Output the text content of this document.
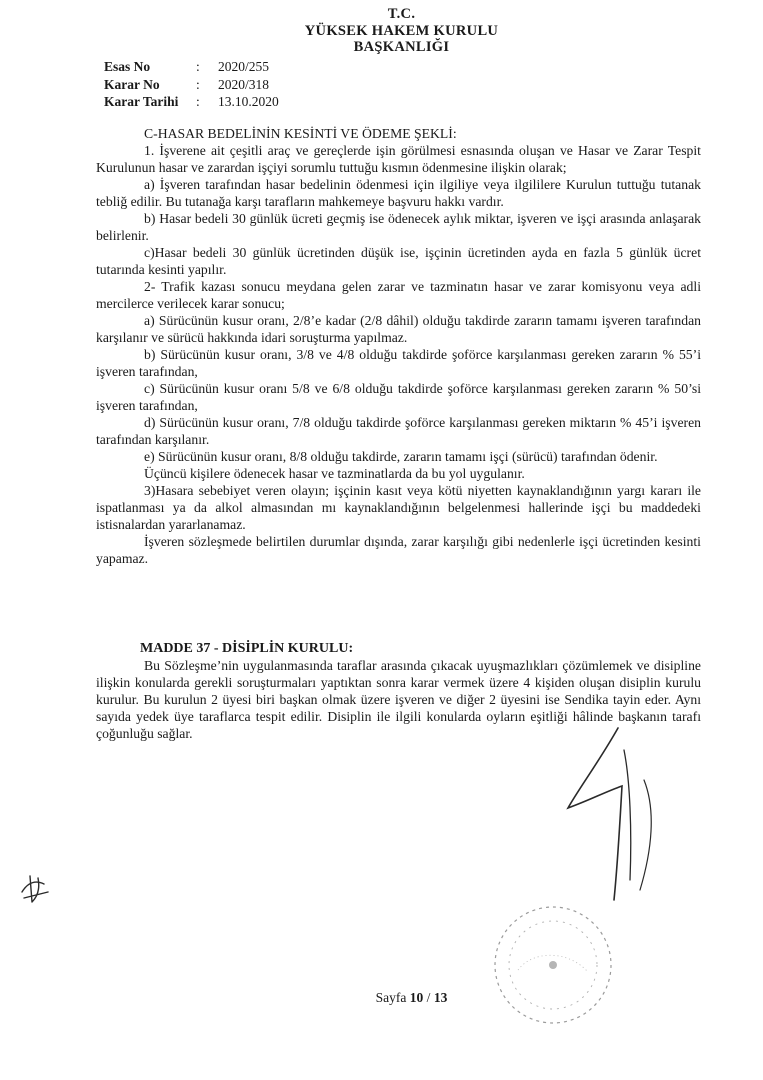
T.C.
YÜKSEK HAKEM KURULU
BAŞKANLIĞI
Esas No	:	2020/255
Karar No	:	2020/318
Karar Tarihi	:	13.10.2020

C-HASAR BEDELİNİN KESİNTİ VE ÖDEME ŞEKLİ:

1. İşverene ait çeşitli araç ve gereçlerde işin görülmesi esnasında oluşan ve Hasar ve Zarar Tespit Kurulunun hasar ve zarardan işçiyi sorumlu tuttuğu kısmın ödenmesine ilişkin olarak;

a) İşveren tarafından hasar bedelinin ödenmesi için ilgiliye veya ilgililere Kurulun tuttuğu tutanak tebliğ edilir. Bu tutanağa karşı tarafların mahkemeye başvuru hakkı vardır.

b) Hasar bedeli 30 günlük ücreti geçmiş ise ödenecek aylık miktar, işveren ve işçi arasında anlaşarak belirlenir.

c)Hasar bedeli 30 günlük ücretinden düşük ise, işçinin ücretinden ayda en fazla 5 günlük ücret tutarında kesinti yapılır.

2- Trafik kazası sonucu meydana gelen zarar ve tazminatın hasar ve zarar komisyonu veya adli mercilerce verilecek karar sonucu;

a) Sürücünün kusur oranı, 2/8’e kadar (2/8 dâhil) olduğu takdirde zararın tamamı işveren tarafından karşılanır ve sürücü hakkında idari soruşturma yapılmaz.

b) Sürücünün kusur oranı, 3/8 ve 4/8 olduğu takdirde şoförce karşılanması gereken zararın % 55’i işveren tarafından,

c) Sürücünün kusur oranı 5/8 ve 6/8 olduğu takdirde şoförce karşılanması gereken zararın % 50’si işveren tarafından,

d) Sürücünün kusur oranı, 7/8 olduğu takdirde şoförce karşılanması gereken miktarın % 45’i işveren tarafından karşılanır.

e) Sürücünün kusur oranı, 8/8 olduğu takdirde, zararın tamamı işçi (sürücü) tarafından ödenir.

Üçüncü kişilere ödenecek hasar ve tazminatlarda da bu yol uygulanır.

3)Hasara sebebiyet veren olayın; işçinin kasıt veya kötü niyetten kaynaklandığının yargı kararı ile ispatlanması ya da alkol almasından mı kaynaklandığının belgelenmesi hallerinde işçi bu maddedeki istisnalardan yararlanamaz.

İşveren sözleşmede belirtilen durumlar dışında, zarar karşılığı gibi nedenlerle işçi ücretinden kesinti yapamaz.

MADDE 37 - DİSİPLİN KURULU:

Bu Sözleşme’nin uygulanmasında taraflar arasında çıkacak uyuşmazlıkları çözümlemek ve disipline ilişkin konularda gerekli soruşturmaları yaptıktan sonra karar vermek üzere 4 kişiden oluşan disiplin kurulu kurulur. Bu kurulun 2 üyesi biri başkan olmak üzere işveren ve diğer 2 üyesini ise Sendika tayin eder. Aynı sayıda yedek üye taraflarca tespit edilir. Disiplin ile ilgili konularda oyların eşitliği hâlinde başkanın tarafı çoğunluğu sağlar.

Sayfa 10 / 13
